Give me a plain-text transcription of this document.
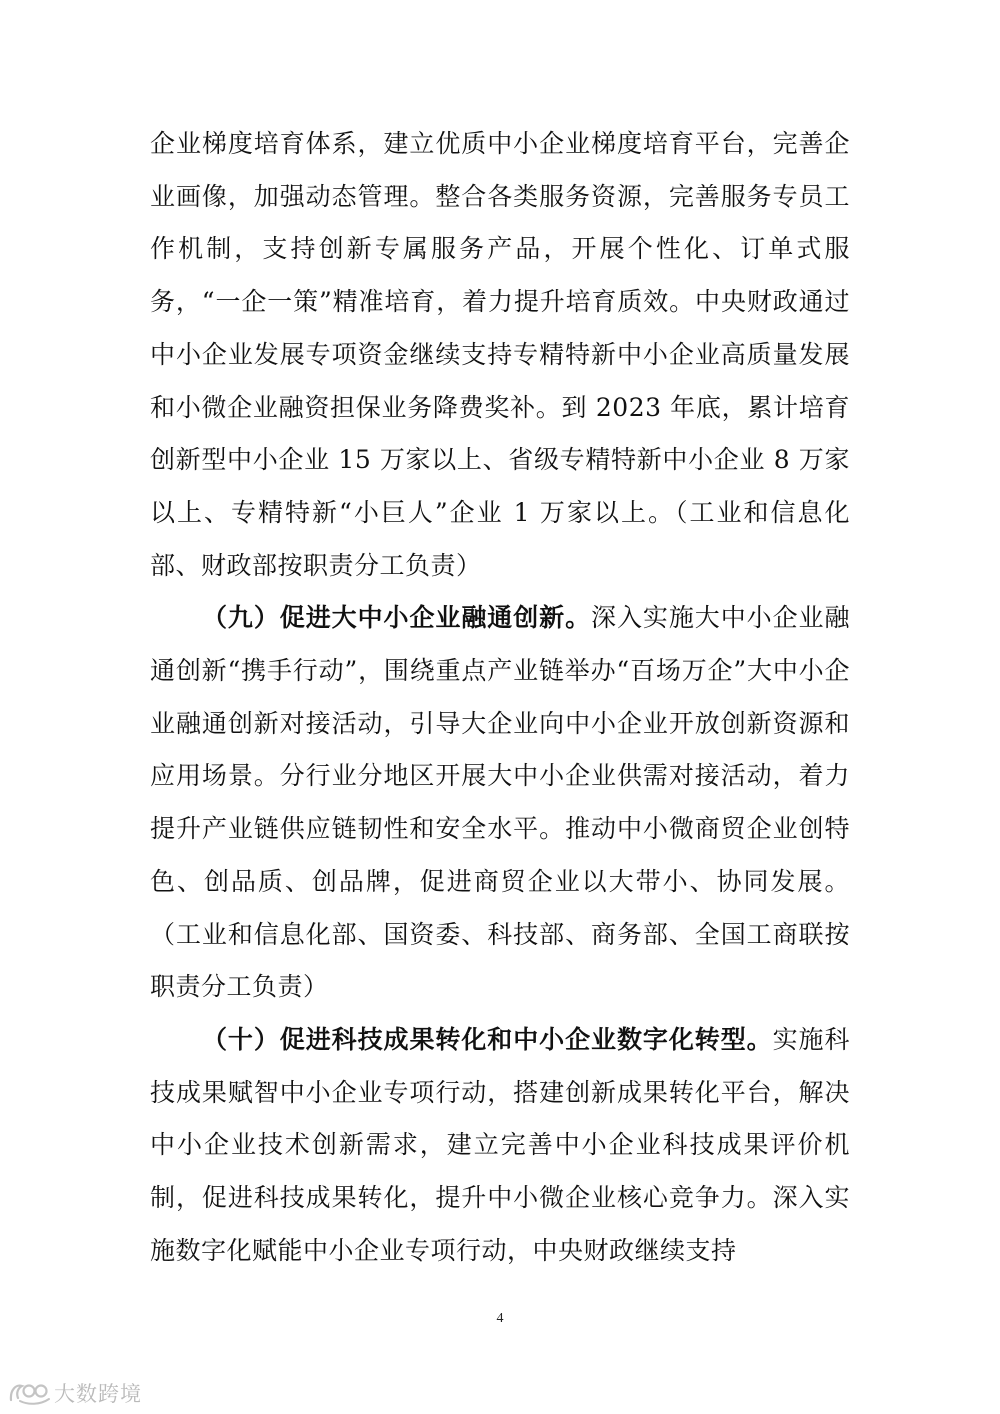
企业梯度培育体系，建立优质中小企业梯度培育平台，完善企业画像，加强动态管理。整合各类服务资源，完善服务专员工作机制，支持创新专属服务产品，开展个性化、订单式服务，“一企一策”精准培育，着力提升培育质效。中央财政通过中小企业发展专项资金继续支持专精特新中小企业高质量发展和小微企业融资担保业务降费奖补。到 2023 年底，累计培育创新型中小企业 15 万家以上、省级专精特新中小企业 8 万家以上、专精特新“小巨人”企业 1 万家以上。（工业和信息化部、财政部按职责分工负责）

（九）促进大中小企业融通创新。深入实施大中小企业融通创新“携手行动”，围绕重点产业链举办“百场万企”大中小企业融通创新对接活动，引导大企业向中小企业开放创新资源和应用场景。分行业分地区开展大中小企业供需对接活动，着力提升产业链供应链韧性和安全水平。推动中小微商贸企业创特色、创品质、创品牌，促进商贸企业以大带小、协同发展。（工业和信息化部、国资委、科技部、商务部、全国工商联按职责分工负责）

（十）促进科技成果转化和中小企业数字化转型。实施科技成果赋智中小企业专项行动，搭建创新成果转化平台，解决中小企业技术创新需求，建立完善中小企业科技成果评价机制，促进科技成果转化，提升中小微企业核心竞争力。深入实施数字化赋能中小企业专项行动，中央财政继续支持

4
大数跨境
